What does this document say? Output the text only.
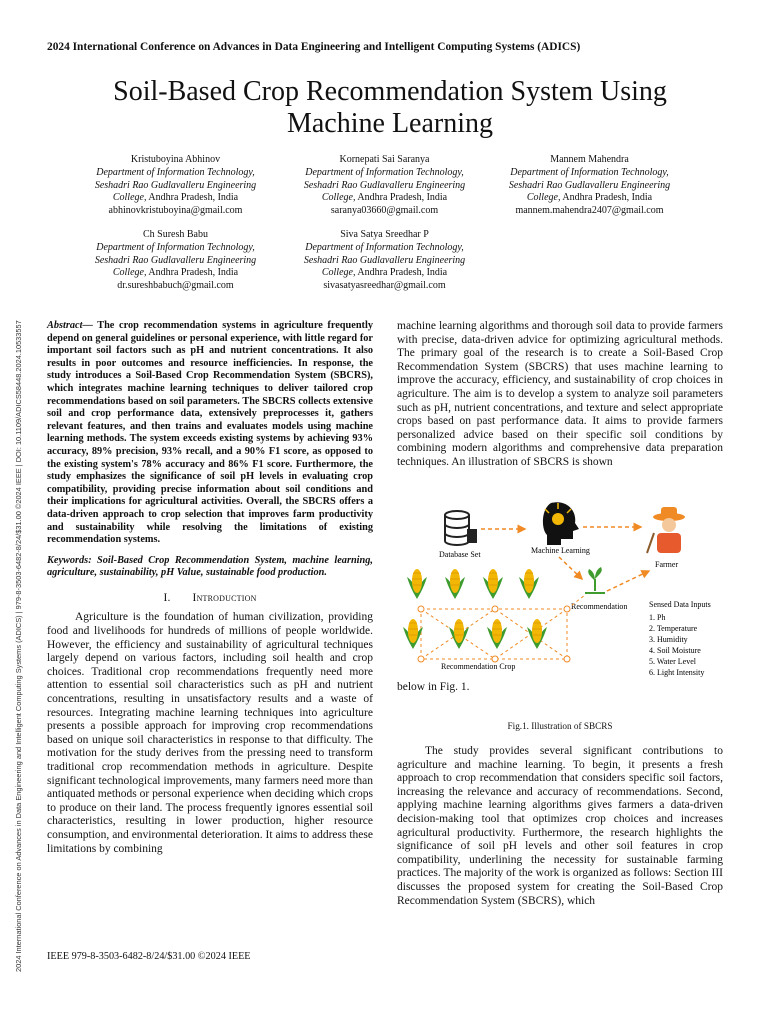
2024 International Conference on Advances in Data Engineering and Intelligent Computing Systems (ADICS)
Soil-Based Crop Recommendation System Using
Machine Learning
Kristuboyina Abhinov
Department of Information Technology,
Seshadri Rao Gudlavalleru Engineering
College, Andhra Pradesh, India
abhinovkristuboyina@gmail.com
Kornepati Sai Saranya
Department of Information Technology,
Seshadri Rao Gudlavalleru Engineering
College, Andhra Pradesh, India
saranya03660@gmail.com
Mannem Mahendra
Department of Information Technology,
Seshadri Rao Gudlavalleru Engineering
College, Andhra Pradesh, India
mannem.mahendra2407@gmail.com
Ch Suresh Babu
Department of Information Technology,
Seshadri Rao Gudlavalleru Engineering
College, Andhra Pradesh, India
dr.sureshbabuch@gmail.com
Siva Satya Sreedhar P
Department of Information Technology,
Seshadri Rao Gudlavalleru Engineering
College, Andhra Pradesh, India
sivasatyasreedhar@gmail.com
2024 International Conference on Advances in Data Engineering and Intelligent Computing Systems (ADICS) | 979-8-3503-6482-8/24/$31.00 ©2024 IEEE | DOI: 10.1109/ADICS58448.2024.10533557 Abstract— The crop recommendation systems in agriculture frequently depend on general guidelines or personal experience, with little regard for important soil factors such as pH and nutrient concentrations. It also results in poor outcomes and resource inefficiencies. In response, the study introduces a Soil-Based Crop Recommendation System (SBCRS), which integrates machine learning techniques to deliver tailored crop recommendations based on soil parameters. The SBCRS collects extensive soil and crop performance data, extensively preprocesses it, gathers relevant features, and then trains and evaluates models using machine learning methods. The system exceeds existing systems by achieving 93% accuracy, 89% precision, 93% recall, and a 90% F1 score, as opposed to the existing system's 78% accuracy and 86% F1 score. Furthermore, the study emphasizes the significance of soil pH levels in evaluating crop compatibility, providing precise information about soil conditions and their implications for agricultural activities. Overall, the SBCRS offers a data-driven approach to crop selection that improves farm productivity and sustainability while resolving the limitations of existing recommendation systems.

Keywords: Soil-Based Crop Recommendation System, machine learning, agriculture, sustainability, pH Value, sustainable food production.

I. Introduction

Agriculture is the foundation of human civilization, providing food and livelihoods for hundreds of millions of people worldwide. However, the efficiency and sustainability of agricultural techniques largely depend on various factors, including soil health and crop choices. Traditional crop recommendations frequently need more attention to essential soil characteristics such as pH and nutrient concentrations, resulting in unsatisfactory results and a waste of resources. Integrating machine learning techniques into agriculture presents a possible approach for improving crop recommendations based on unique soil characteristics in response to that difficulty. The motivation for the study derives from the pressing need to transform traditional crop recommendation methods in agriculture. Despite significant technological improvements, many farmers need more than antiquated methods or personal experience when deciding which crops to produce on their land. The process frequently ignores essential soil characteristics, resulting in lower production, higher resource consumption, and environmental deterioration. It aims to address these limitations by combining

machine learning algorithms and thorough soil data to provide farmers with precise, data-driven advice for optimizing agricultural methods. The primary goal of the research is to create a Soil-Based Crop Recommendation System (SBCRS) that uses machine learning to improve the accuracy, efficiency, and sustainability of crop choices in agriculture. The aim is to develop a system to analyze soil parameters such as pH, nutrient concentrations, and texture and select appropriate crops based on past performance data. It aims to provide farmers personalized advice based on their specific soil conditions by combining modern algorithms and comprehensive data preparation techniques. An illustration of SBCRS is shown

Database Set	Machine Learning
Farmer
Recommendation
Recommendation Crop
Sensed Data Inputs
1. Ph
2. Temperature
3. Humidity
4. Soil Moisture
5. Water Level
6. Light Intensity

below in Fig. 1.

Fig.1. Illustration of SBCRS

The study provides several significant contributions to agriculture and machine learning. To begin, it presents a fresh approach to crop recommendation that considers specific soil factors, increasing the relevance and accuracy of recommendations. Second, applying machine learning algorithms gives farmers a data-driven decision-making tool that optimizes crop choices and increases agricultural productivity. Furthermore, the research highlights the significance of soil pH levels and other soil features in crop compatibility, underlining the necessity for sustainable farming practices. The majority of the work is organized as follows: Section III discusses the proposed system for creating the Soil-Based Crop Recommendation System (SBCRS), which

IEEE 979-8-3503-6482-8/24/$31.00 ©2024 IEEE
